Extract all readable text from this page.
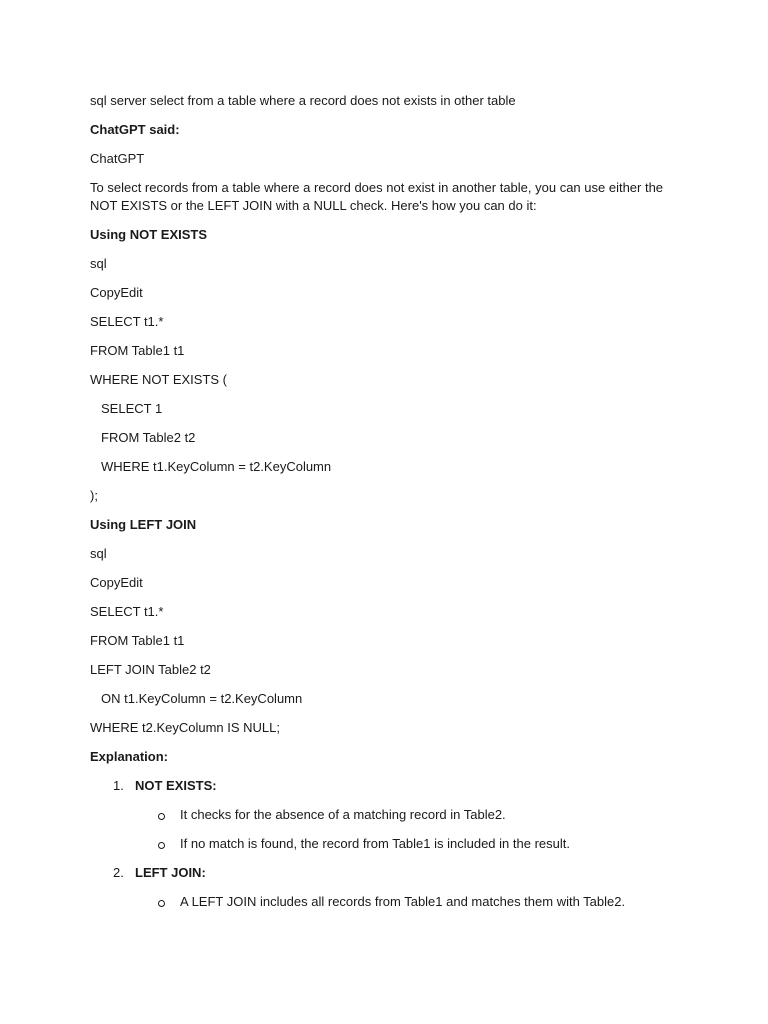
sql server select from a table where a record does not exists in other table

ChatGPT said:

ChatGPT

To select records from a table where a record does not exist in another table, you can use either the NOT EXISTS or the LEFT JOIN with a NULL check. Here's how you can do it:

Using NOT EXISTS

sql

CopyEdit

SELECT t1.*

FROM Table1 t1

WHERE NOT EXISTS (

SELECT 1

FROM Table2 t2

WHERE t1.KeyColumn = t2.KeyColumn

);

Using LEFT JOIN

sql

CopyEdit

SELECT t1.*

FROM Table1 t1

LEFT JOIN Table2 t2

ON t1.KeyColumn = t2.KeyColumn

WHERE t2.KeyColumn IS NULL;

Explanation:

1. NOT EXISTS:
It checks for the absence of a matching record in Table2.
If no match is found, the record from Table1 is included in the result.
2. LEFT JOIN:
A LEFT JOIN includes all records from Table1 and matches them with Table2.
